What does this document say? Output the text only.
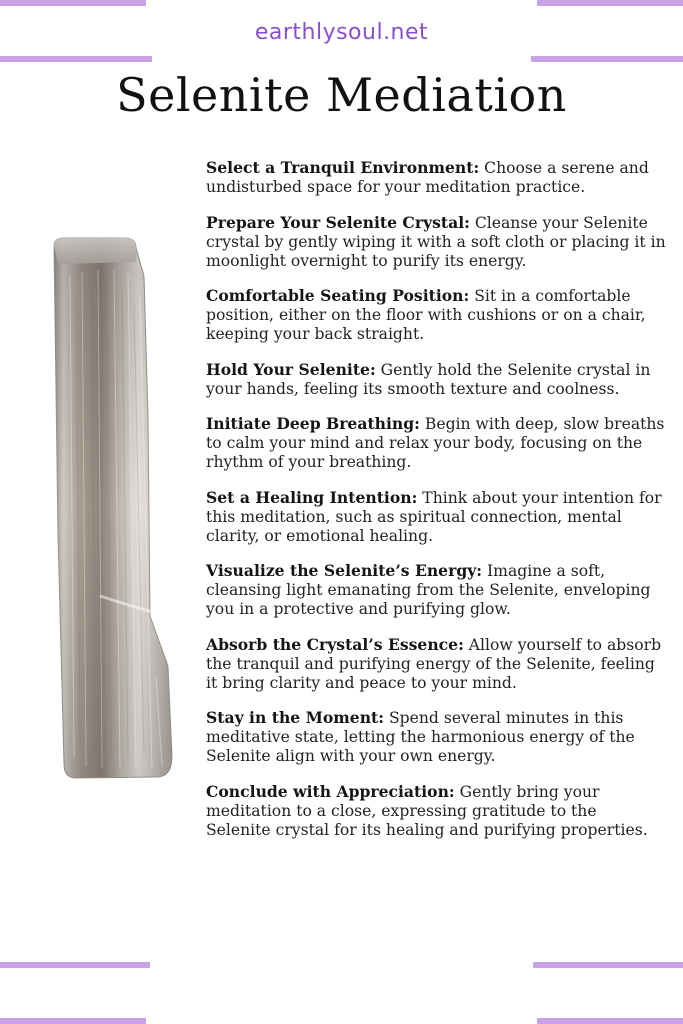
earthlysoul.net
Selenite Mediation

Select a Tranquil Environment: Choose a serene and undisturbed space for your meditation practice.

Prepare Your Selenite Crystal: Cleanse your Selenite crystal by gently wiping it with a soft cloth or placing it in moonlight overnight to purify its energy.

Comfortable Seating Position: Sit in a comfortable position, either on the floor with cushions or on a chair, keeping your back straight.

Hold Your Selenite: Gently hold the Selenite crystal in your hands, feeling its smooth texture and coolness.

Initiate Deep Breathing: Begin with deep, slow breaths to calm your mind and relax your body, focusing on the rhythm of your breathing.

Set a Healing Intention: Think about your intention for this meditation, such as spiritual connection, mental clarity, or emotional healing.

Visualize the Selenite’s Energy: Imagine a soft, cleansing light emanating from the Selenite, enveloping you in a protective and purifying glow.

Absorb the Crystal’s Essence: Allow yourself to absorb the tranquil and purifying energy of the Selenite, feeling it bring clarity and peace to your mind.

Stay in the Moment: Spend several minutes in this meditative state, letting the harmonious energy of the Selenite align with your own energy.

Conclude with Appreciation: Gently bring your meditation to a close, expressing gratitude to the Selenite crystal for its healing and purifying properties.
